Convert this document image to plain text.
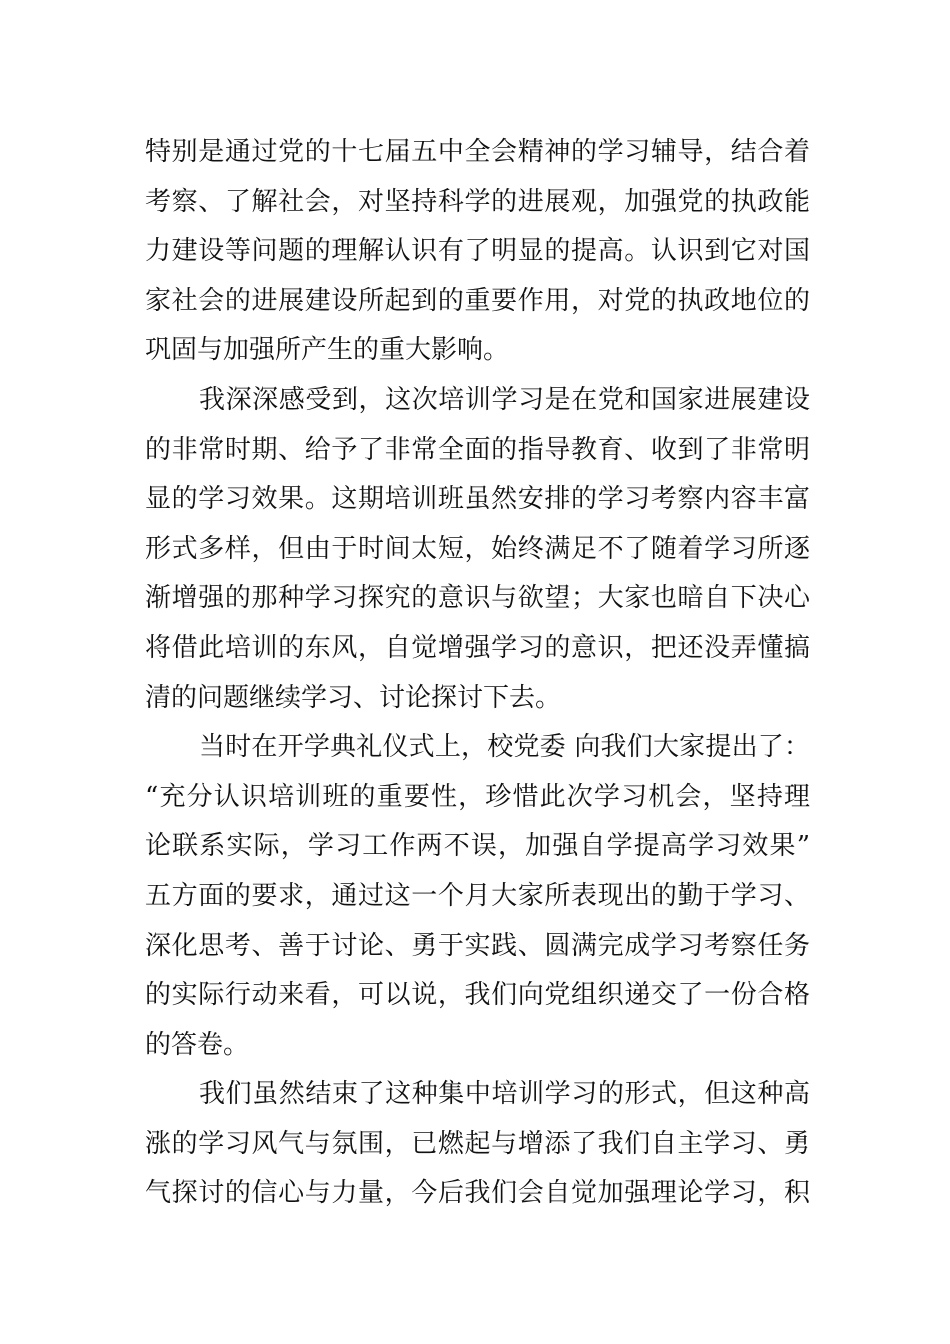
特别是通过党的十七届五中全会精神的学习辅导，结合着
考察、了解社会，对坚持科学的进展观，加强党的执政能
力建设等问题的理解认识有了明显的提高。认识到它对国
家社会的进展建设所起到的重要作用，对党的执政地位的
巩固与加强所产生的重大影响。
我深深感受到，这次培训学习是在党和国家进展建设
的非常时期、给予了非常全面的指导教育、收到了非常明
显的学习效果。这期培训班虽然安排的学习考察内容丰富
形式多样，但由于时间太短，始终满足不了随着学习所逐
渐增强的那种学习探究的意识与欲望；大家也暗自下决心
将借此培训的东风，自觉增强学习的意识，把还没弄懂搞
清的问题继续学习、讨论探讨下去。
当时在开学典礼仪式上，校党委 向我们大家提出了：
“充分认识培训班的重要性，珍惜此次学习机会，坚持理
论联系实际，学习工作两不误，加强自学提高学习效果”
五方面的要求，通过这一个月大家所表现出的勤于学习、
深化思考、善于讨论、勇于实践、圆满完成学习考察任务
的实际行动来看，可以说，我们向党组织递交了一份合格
的答卷。
我们虽然结束了这种集中培训学习的形式，但这种高
涨的学习风气与氛围，已燃起与增添了我们自主学习、勇
气探讨的信心与力量，今后我们会自觉加强理论学习，积
